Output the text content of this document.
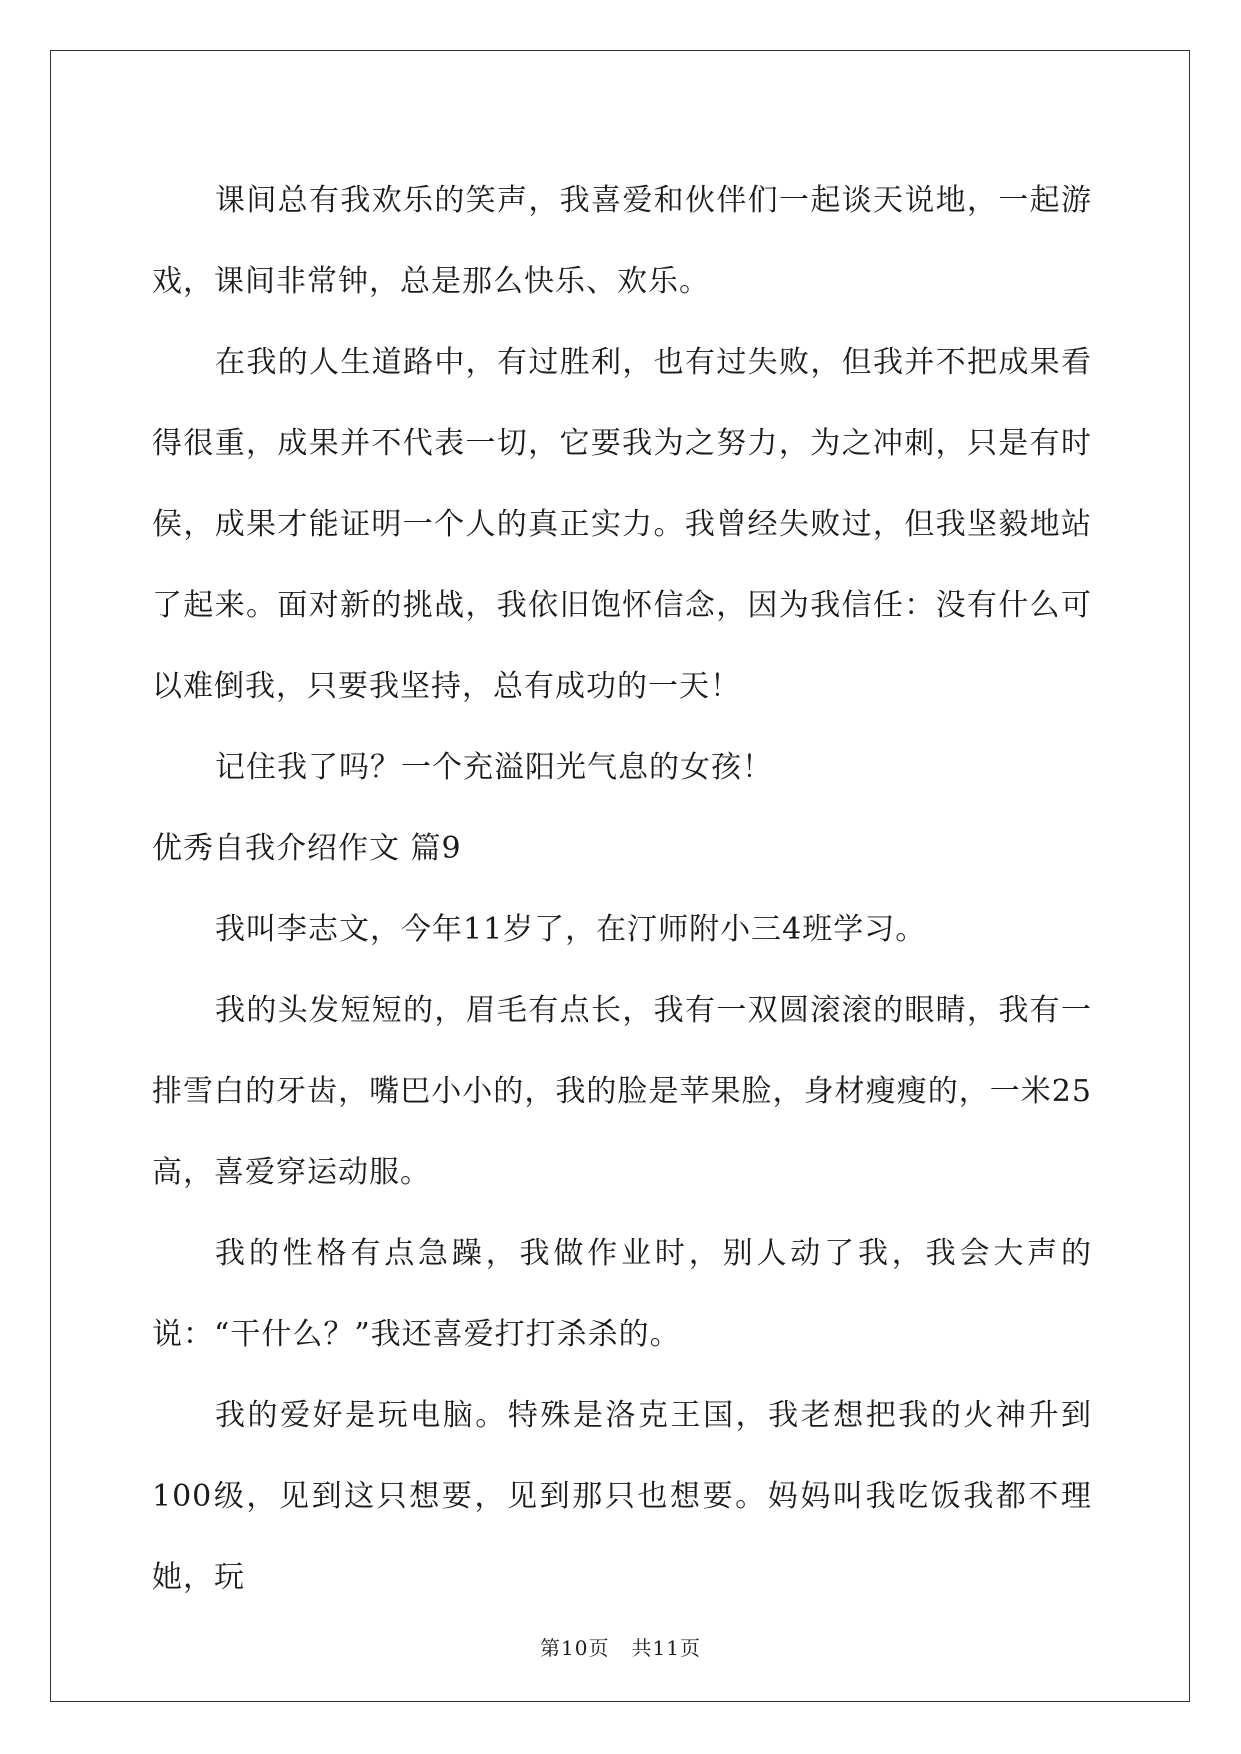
课间总有我欢乐的笑声，我喜爱和伙伴们一起谈天说地，一起游戏，课间非常钟，总是那么快乐、欢乐。

在我的人生道路中，有过胜利，也有过失败，但我并不把成果看得很重，成果并不代表一切，它要我为之努力，为之冲刺，只是有时侯，成果才能证明一个人的真正实力。我曾经失败过，但我坚毅地站了起来。面对新的挑战，我依旧饱怀信念，因为我信任：没有什么可以难倒我，只要我坚持，总有成功的一天！

记住我了吗？一个充溢阳光气息的女孩！

优秀自我介绍作文 篇9

我叫李志文，今年11岁了，在汀师附小三4班学习。

我的头发短短的，眉毛有点长，我有一双圆滚滚的眼睛，我有一排雪白的牙齿，嘴巴小小的，我的脸是苹果脸，身材瘦瘦的，一米25高，喜爱穿运动服。

我的性格有点急躁，我做作业时，别人动了我，我会大声的说：“干什么？”我还喜爱打打杀杀的。

我的爱好是玩电脑。特殊是洛克王国，我老想把我的火神升到100级，见到这只想要，见到那只也想要。妈妈叫我吃饭我都不理她，玩

第10页 共11页
